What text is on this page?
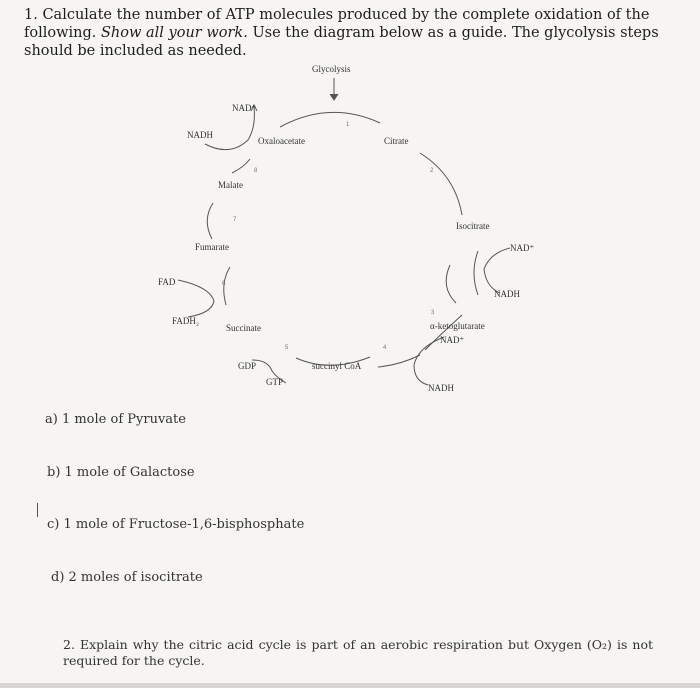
1. Calculate the number of ATP molecules produced by the complete oxidation of the following. Show all your work. Use the diagram below as a guide. The glycolysis steps should be included as needed.
Glycolysis
NAD⁺
NADH
Oxaloacetate	Citrate
Malate
Isocitrate
Fumarate	NAD⁺
NADH
FAD
FADH₂
Succinate	α-ketoglutarate
NAD⁺
GDP
GTP
succinyl CoA
NADH
1
2
3
4
5
6
7
8
a) 1 mole of Pyruvate
b) 1 mole of Galactose
c) 1 mole of Fructose-1,6-bisphosphate
d) 2 moles of isocitrate
2. Explain why the citric acid cycle is part of an aerobic respiration but Oxygen (O₂) is not required for the cycle.
